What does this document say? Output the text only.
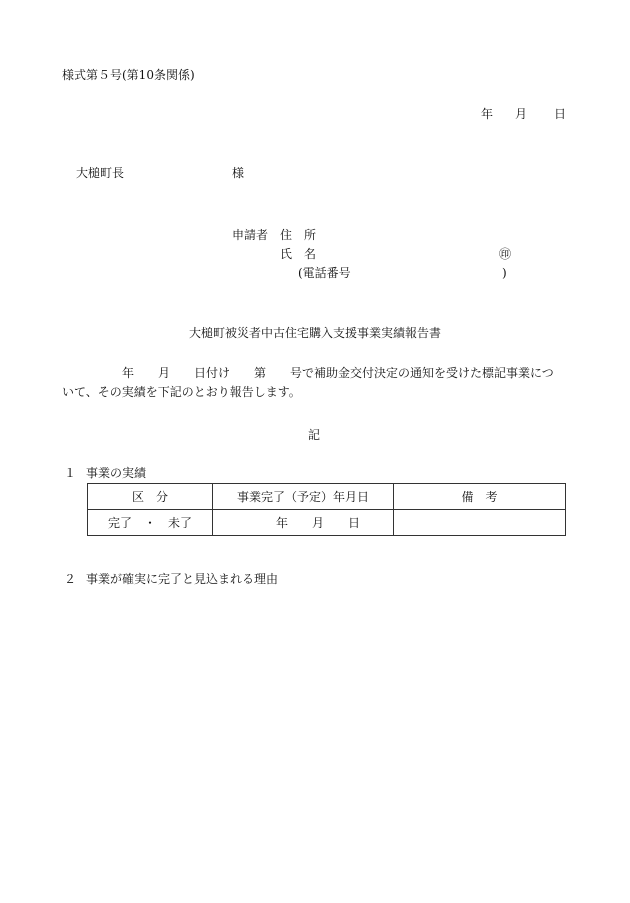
様式第５号(第10条関係)
年 月 日
大槌町長	様
申請者 住　所
氏　名	㊞
(電話番号	)
大槌町被災者中古住宅購入支援事業実績報告書
年　　月　　日付け　　第　　号で補助金交付決定の通知を受けた標記事業につ
いて、その実績を下記のとおり報告します。
記
１ 事業の実績
区　分	事業完了（予定）年月日	備　考
完了　・　未了	年　　月　　日	
２ 事業が確実に完了と見込まれる理由
